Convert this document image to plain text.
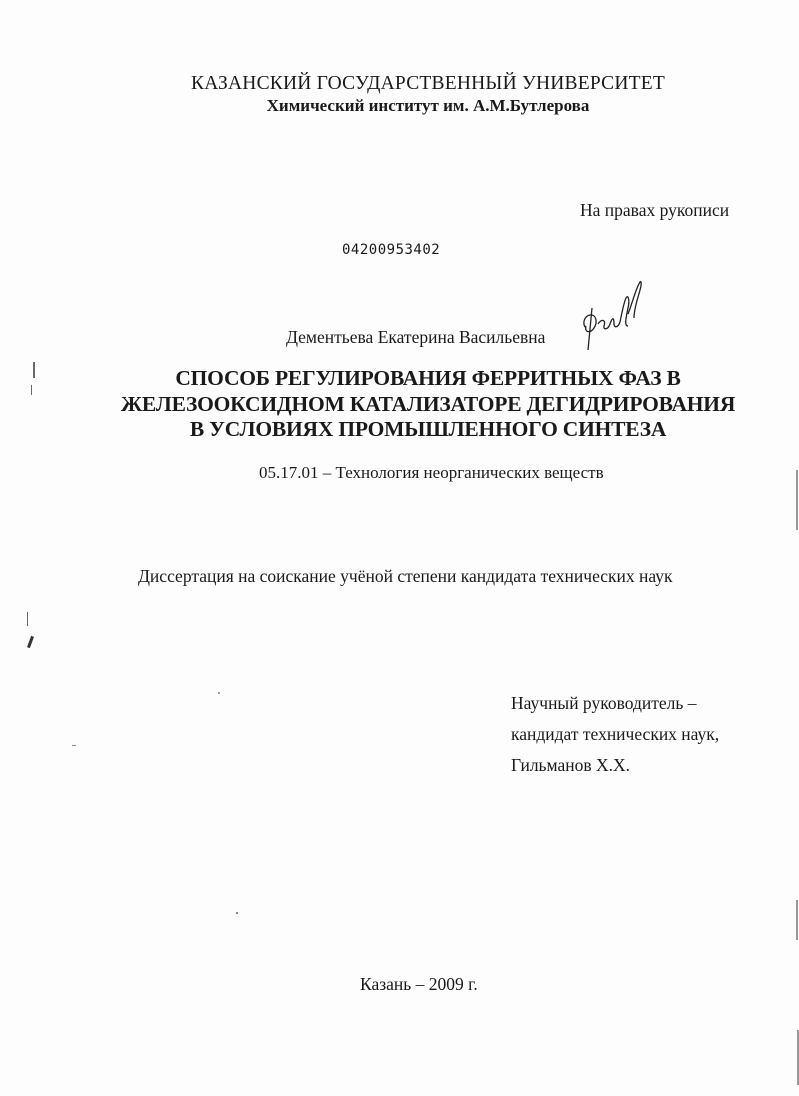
КАЗАНСКИЙ ГОСУДАРСТВЕННЫЙ УНИВЕРСИТЕТ
Химический институт им. А.М.Бутлерова
На правах рукописи
04200953402
Дементьева Екатерина Васильевна
СПОСОБ РЕГУЛИРОВАНИЯ ФЕРРИТНЫХ ФАЗ В
ЖЕЛЕЗООКСИДНОМ КАТАЛИЗАТОРЕ ДЕГИДРИРОВАНИЯ
В УСЛОВИЯХ ПРОМЫШЛЕННОГО СИНТЕЗА
05.17.01 – Технология неорганических веществ
Диссертация на соискание учёной степени кандидата технических наук
Научный руководитель –
кандидат технических наук,
Гильманов Х.Х.
Казань – 2009 г.
